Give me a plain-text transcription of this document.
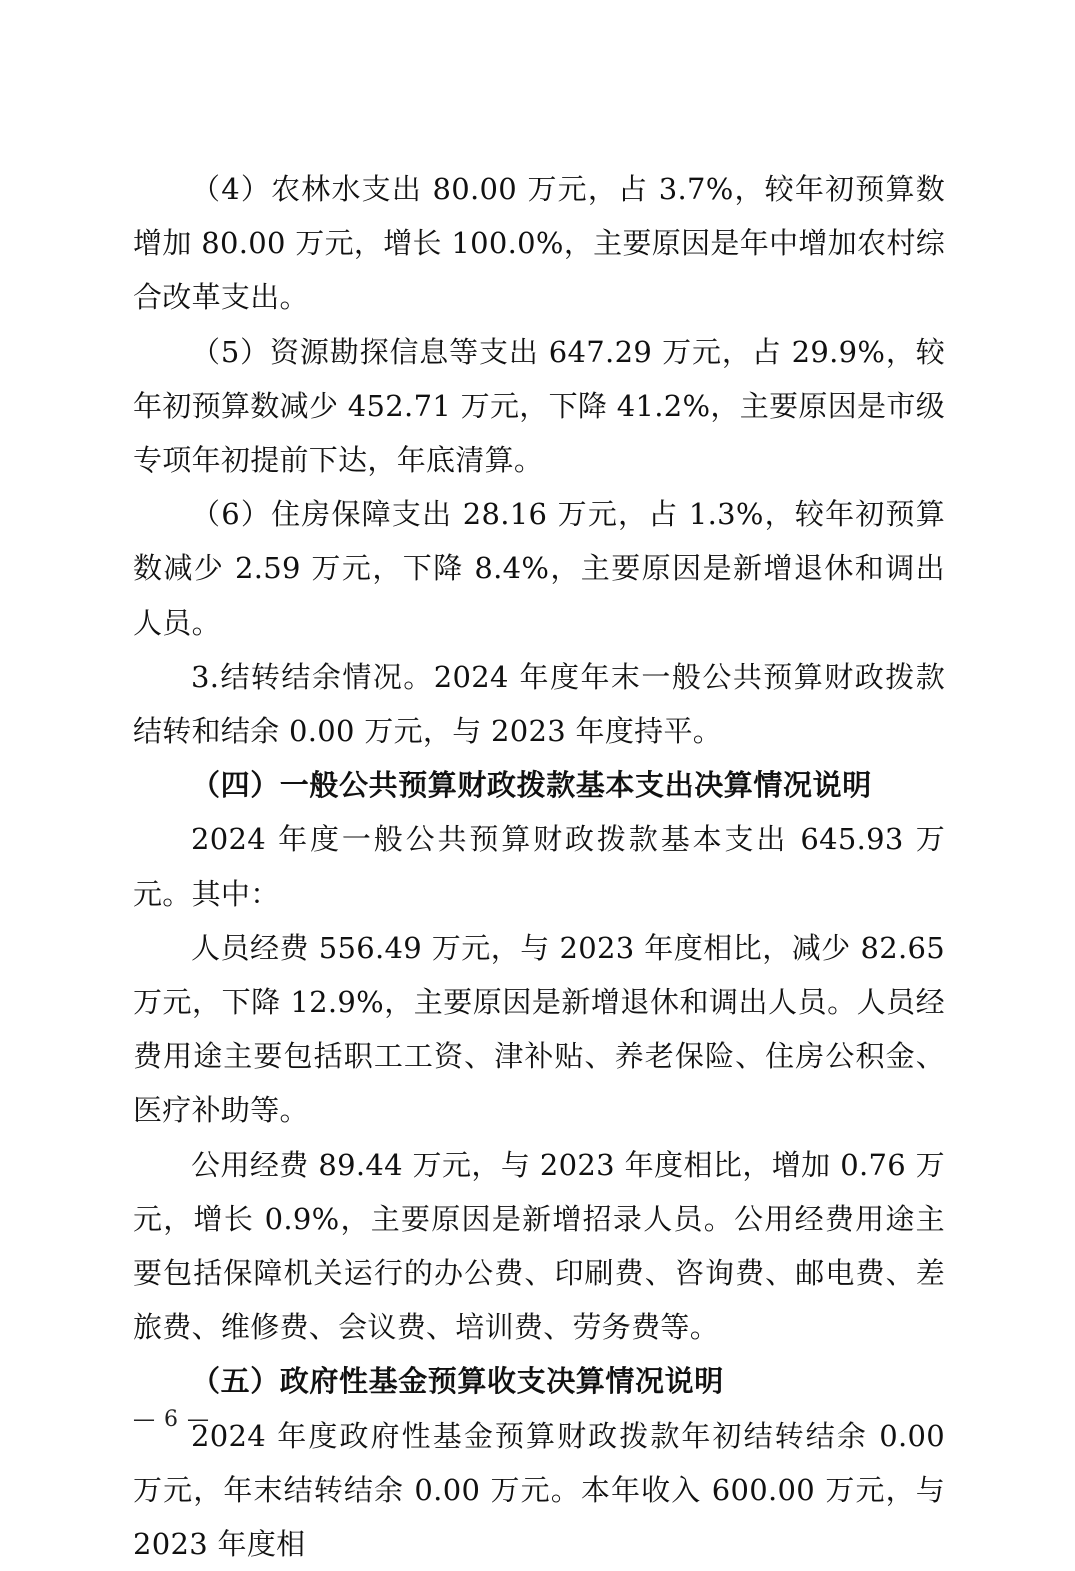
（4）农林水支出 80.00 万元，占 3.7%，较年初预算数增加 80.00 万元，增长 100.0%，主要原因是年中增加农村综合改革支出。

（5）资源勘探信息等支出 647.29 万元，占 29.9%，较年初预算数减少 452.71 万元，下降 41.2%，主要原因是市级专项年初提前下达，年底清算。

（6）住房保障支出 28.16 万元，占 1.3%，较年初预算数减少 2.59 万元，下降 8.4%，主要原因是新增退休和调出人员。

3.结转结余情况。2024 年度年末一般公共预算财政拨款结转和结余 0.00 万元，与 2023 年度持平。

（四）一般公共预算财政拨款基本支出决算情况说明

2024 年度一般公共预算财政拨款基本支出 645.93 万元。其中：

人员经费 556.49 万元，与 2023 年度相比，减少 82.65 万元，下降 12.9%，主要原因是新增退休和调出人员。人员经费用途主要包括职工工资、津补贴、养老保险、住房公积金、医疗补助等。

公用经费 89.44 万元，与 2023 年度相比，增加 0.76 万元，增长 0.9%，主要原因是新增招录人员。公用经费用途主要包括保障机关运行的办公费、印刷费、咨询费、邮电费、差旅费、维修费、会议费、培训费、劳务费等。

（五）政府性基金预算收支决算情况说明

2024 年度政府性基金预算财政拨款年初结转结余 0.00 万元，年末结转结余 0.00 万元。本年收入 600.00 万元，与 2023 年度相

— 6 —
